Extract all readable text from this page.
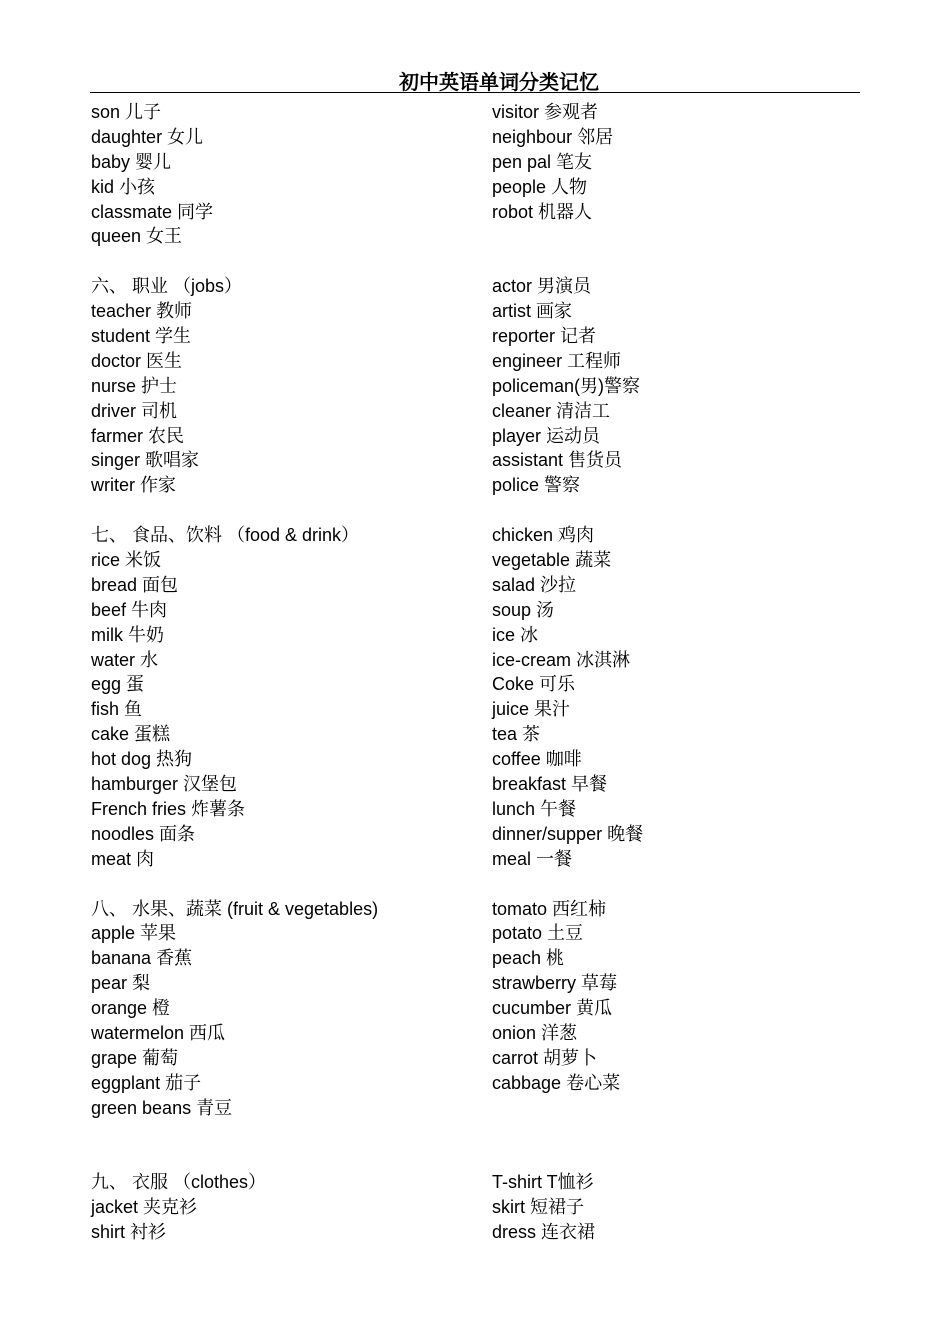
初中英语单词分类记忆
son 儿子
daughter 女儿
baby 婴儿
kid 小孩
classmate 同学
queen 女王
六、 职业 （jobs）
teacher 教师
student 学生
doctor 医生
nurse 护士
driver 司机
farmer 农民
singer 歌唱家
writer 作家
七、 食品、饮料 （food & drink）
rice 米饭
bread 面包
beef 牛肉
milk 牛奶
water 水
egg 蛋
fish 鱼
cake 蛋糕
hot dog 热狗
hamburger 汉堡包
French fries 炸薯条
noodles 面条
meat 肉
八、 水果、蔬菜 (fruit & vegetables)
apple 苹果
banana 香蕉
pear 梨
orange 橙
watermelon 西瓜
grape 葡萄
eggplant 茄子
green beans 青豆
九、 衣服 （clothes）
jacket 夹克衫
shirt 衬衫
visitor 参观者
neighbour 邻居
pen pal 笔友
people 人物
robot 机器人
actor 男演员
artist 画家
reporter 记者
engineer 工程师
policeman(男)警察
cleaner 清洁工
player 运动员
assistant 售货员
police 警察
chicken 鸡肉
vegetable 蔬菜
salad 沙拉
soup 汤
ice 冰
ice-cream 冰淇淋
Coke 可乐
juice 果汁
tea 茶
coffee 咖啡
breakfast 早餐
lunch 午餐
dinner/supper 晚餐
meal 一餐
tomato 西红柿
potato 土豆
peach 桃
strawberry 草莓
cucumber 黄瓜
onion 洋葱
carrot 胡萝卜
cabbage 卷心菜
T-shirt T恤衫
skirt 短裙子
dress 连衣裙
